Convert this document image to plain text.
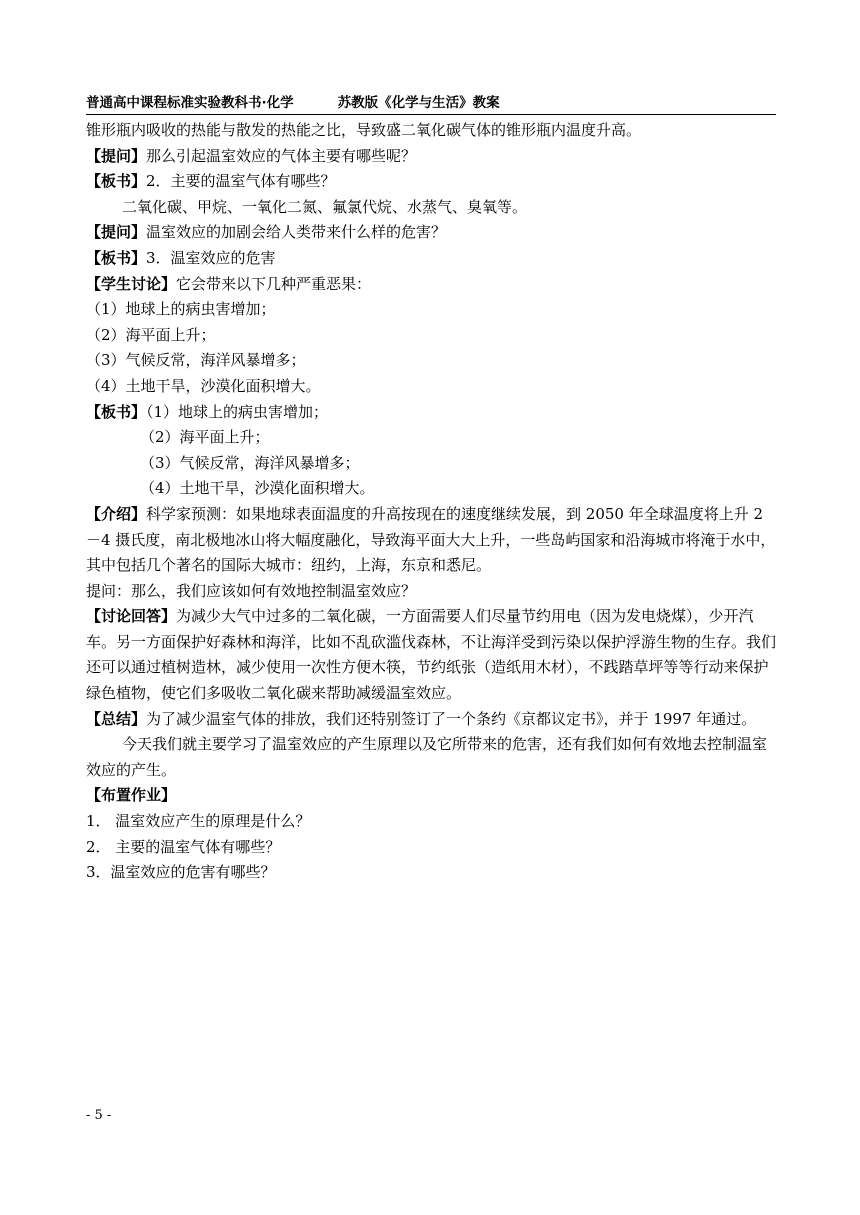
普通高中课程标准实验教科书·化学	苏教版《化学与生活》教案

锥形瓶内吸收的热能与散发的热能之比，导致盛二氧化碳气体的锥形瓶内温度升高。

【提问】那么引起温室效应的气体主要有哪些呢？

【板书】2．主要的温室气体有哪些？

二氧化碳、甲烷、一氧化二氮、氟氯代烷、水蒸气、臭氧等。

【提问】温室效应的加剧会给人类带来什么样的危害？

【板书】3．温室效应的危害

【学生讨论】它会带来以下几种严重恶果：

（1）地球上的病虫害增加；

（2）海平面上升；

（3）气候反常，海洋风暴增多；

（4）土地干旱，沙漠化面积增大。

【板书】（1）地球上的病虫害增加；

（2）海平面上升；

（3）气候反常，海洋风暴增多；

（4）土地干旱，沙漠化面积增大。

【介绍】科学家预测：如果地球表面温度的升高按现在的速度继续发展，到 2050 年全球温度将上升 2－4 摄氏度，南北极地冰山将大幅度融化，导致海平面大大上升，一些岛屿国家和沿海城市将淹于水中，其中包括几个著名的国际大城市：纽约，上海，东京和悉尼。

提问：那么，我们应该如何有效地控制温室效应？

【讨论回答】为减少大气中过多的二氧化碳，一方面需要人们尽量节约用电（因为发电烧煤），少开汽车。另一方面保护好森林和海洋，比如不乱砍滥伐森林，不让海洋受到污染以保护浮游生物的生存。我们还可以通过植树造林，减少使用一次性方便木筷，节约纸张（造纸用木材），不践踏草坪等等行动来保护绿色植物，使它们多吸收二氧化碳来帮助减缓温室效应。

【总结】为了减少温室气体的排放，我们还特别签订了一个条约《京都议定书》，并于 1997 年通过。

今天我们就主要学习了温室效应的产生原理以及它所带来的危害，还有我们如何有效地去控制温室效应的产生。

【布置作业】

1． 温室效应产生的原理是什么？

2． 主要的温室气体有哪些？

3．温室效应的危害有哪些？

- 5 -
